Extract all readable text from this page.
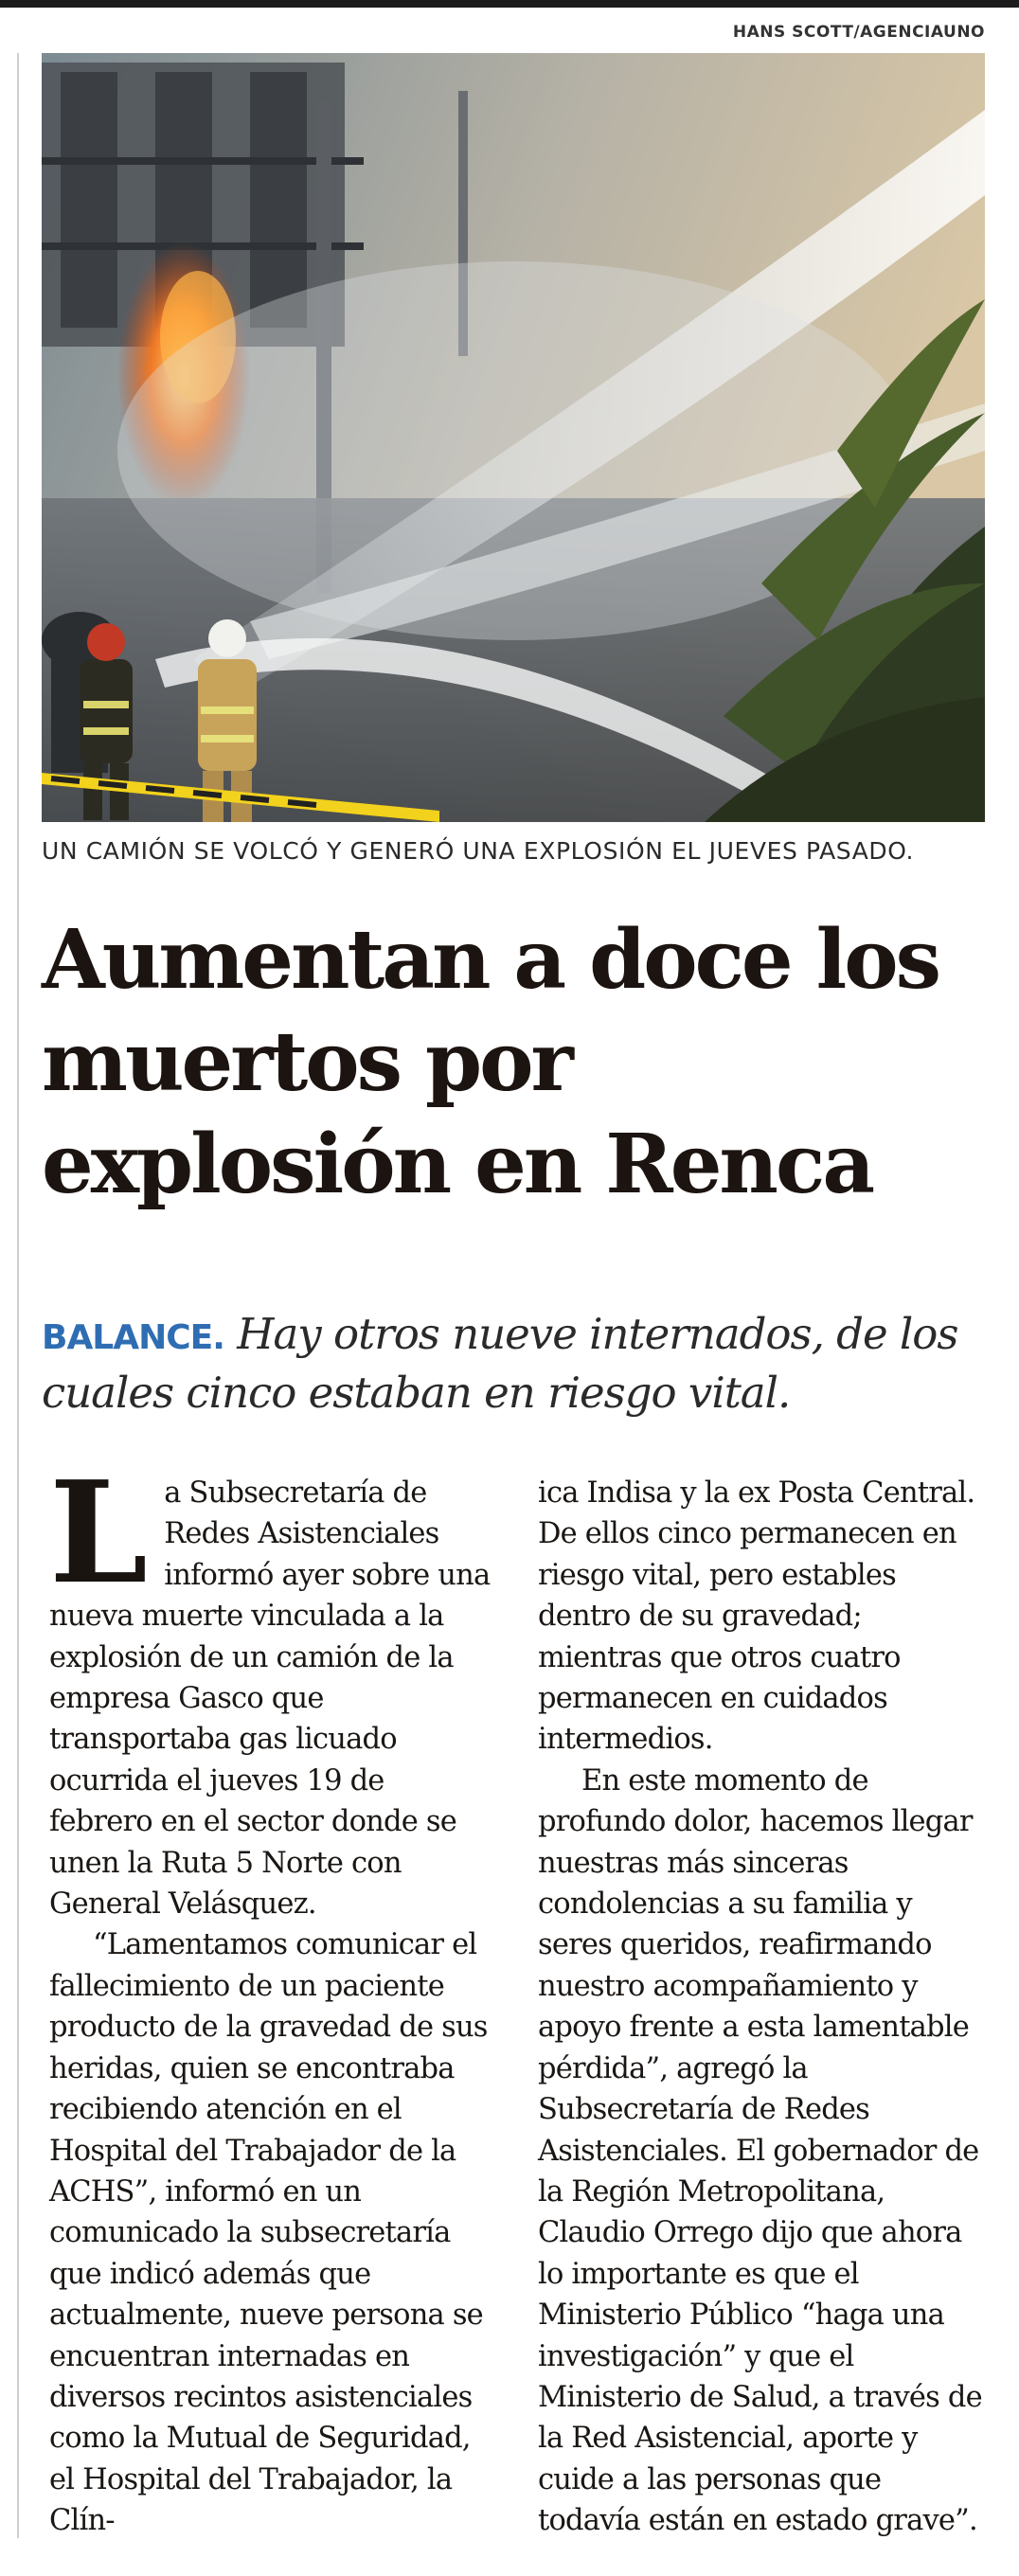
HANS SCOTT/AGENCIAUNO
UN CAMIÓN SE VOLCÓ Y GENERÓ UNA EXPLOSIÓN EL JUEVES PASADO.
Aumentan a doce los muertos por explosión en Renca

BALANCE. Hay otros nueve internados, de los cuales cinco estaban en riesgo vital.

L a Subsecretaría de Redes Asistenciales informó ayer sobre una nueva muerte vinculada a la explosión de un camión de la empresa Gasco que transportaba gas licuado ocurrida el jueves 19 de febrero en el sector donde se unen la Ruta 5 Norte con General Velásquez.

“Lamentamos comunicar el fallecimiento de un paciente producto de la gravedad de sus heridas, quien se encontraba recibiendo atención en el Hospital del Trabajador de la ACHS”, informó en un comunicado la subsecretaría que indicó además que actualmente, nueve persona se encuentran internadas en diversos recintos asistenciales como la Mutual de Seguridad, el Hospital del Trabajador, la Clín-

ica Indisa y la ex Posta Central. De ellos cinco permanecen en riesgo vital, pero estables dentro de su gravedad; mientras que otros cuatro permanecen en cuidados intermedios.

En este momento de profundo dolor, hacemos llegar nuestras más sinceras condolencias a su familia y seres queridos, reafirmando nuestro acompañamiento y apoyo frente a esta lamentable pérdida”, agregó la Subsecretaría de Redes Asistenciales. El gobernador de la Región Metropolitana, Claudio Orrego dijo que ahora lo importante es que el Ministerio Público “haga una investigación” y que el Ministerio de Salud, a través de la Red Asistencial, aporte y cuide a las personas que todavía están en estado grave”.
